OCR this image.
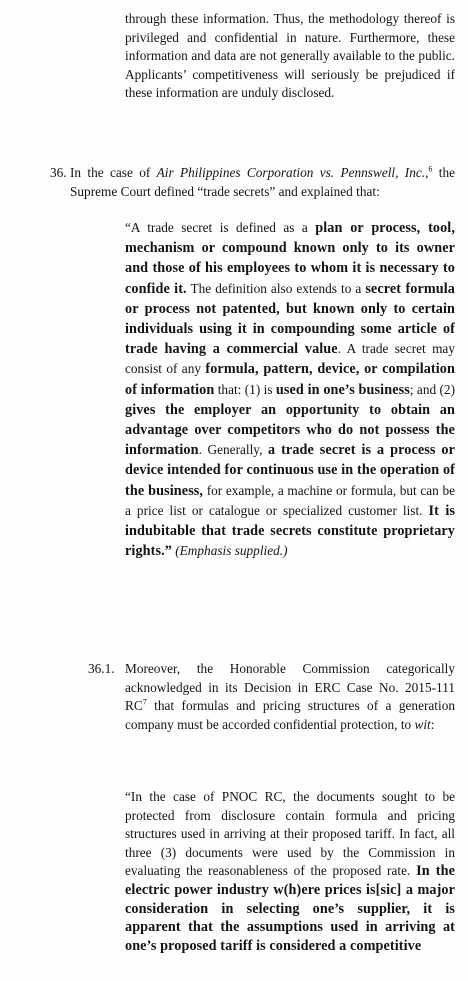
through these information. Thus, the methodology thereof is privileged and confidential in nature. Furthermore, these information and data are not generally available to the public. Applicants’ competitiveness will seriously be prejudiced if these information are unduly disclosed.

36. In the case of Air Philippines Corporation vs. Pennswell, Inc.,$^6$ the Supreme Court defined “trade secrets” and explained that:

“A trade secret is defined as a plan or process, tool, mechanism or compound known only to its owner and those of his employees to whom it is necessary to confide it. The definition also extends to a secret formula or process not patented, but known only to certain individuals using it in compounding some article of trade having a commercial value. A trade secret may consist of any formula, pattern, device, or compilation of information that: (1) is used in one’s business; and (2) gives the employer an opportunity to obtain an advantage over competitors who do not possess the information. Generally, a trade secret is a process or device intended for continuous use in the operation of the business, for example, a machine or formula, but can be a price list or catalogue or specialized customer list. It is indubitable that trade secrets constitute proprietary rights.” (Emphasis supplied.)

36.1. Moreover, the Honorable Commission categorically acknowledged in its Decision in ERC Case No. 2015-111 $RC^7$ that formulas and pricing structures of a generation company must be accorded confidential protection, to wit:

“In the case of PNOC RC, the documents sought to be protected from disclosure contain formula and pricing structures used in arriving at their proposed tariff. In fact, all three (3) documents were used by the Commission in evaluating the reasonableness of the proposed rate. In the electric power industry w(h)ere prices is[sic] a major consideration in selecting one’s supplier, it is apparent that the assumptions used in arriving at one’s proposed tariff is considered a competitive
